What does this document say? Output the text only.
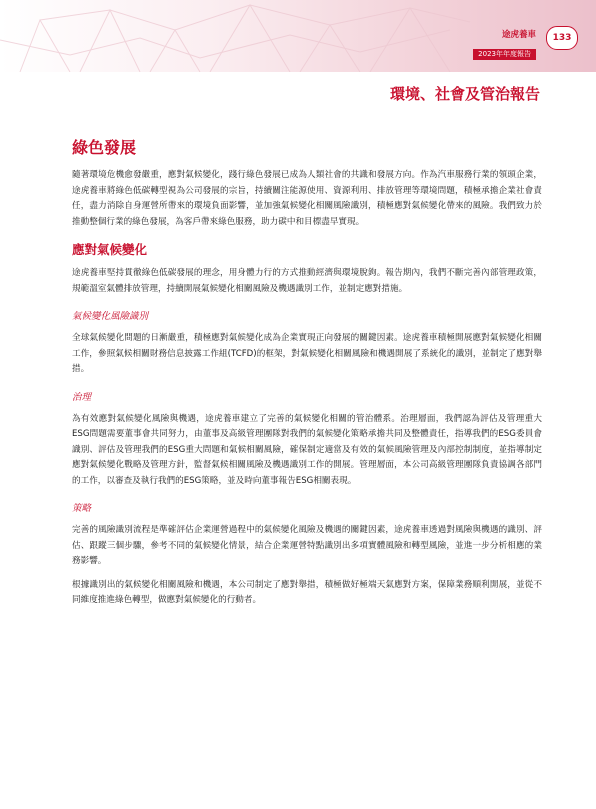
途虎養車
2023年年度報告
133
環境、社會及管治報告
綠色發展

隨著環境危機愈發嚴重，應對氣候變化，踐行綠色發展已成為人類社會的共識和發展方向。作為汽車服務行業的領頭企業，途虎養車將綠色低碳轉型視為公司發展的宗旨，持續關注能源使用、資源利用、排放管理等環境問題，積極承擔企業社會責任，盡力消除自身運營所帶來的環境負面影響，並加強氣候變化相關風險識別，積極應對氣候變化帶來的風險。我們致力於推動整個行業的綠色發展，為客戶帶來綠色服務，助力碳中和目標盡早實現。

應對氣候變化

途虎養車堅持貫徹綠色低碳發展的理念，用身體力行的方式推動經濟與環境脫鉤。報告期內，我們不斷完善內部管理政策，規範溫室氣體排放管理，持續開展氣候變化相關風險及機遇識別工作，並制定應對措施。

氣候變化風險識別

全球氣候變化問題的日漸嚴重，積極應對氣候變化成為企業實現正向發展的關鍵因素。途虎養車積極開展應對氣候變化相關工作，參照氣候相關財務信息披露工作組(TCFD)的框架，對氣候變化相關風險和機遇開展了系統化的識別，並制定了應對舉措。

治理

為有效應對氣候變化風險與機遇，途虎養車建立了完善的氣候變化相關的管治體系。治理層面，我們認為評估及管理重大ESG問題需要董事會共同努力，由董事及高級管理團隊對我們的氣候變化策略承擔共同及整體責任，指導我們的ESG委員會識別、評估及管理我們的ESG重大問題和氣候相關風險，確保制定適當及有效的氣候風險管理及內部控制制度，並指導制定應對氣候變化戰略及管理方針，監督氣候相關風險及機遇識別工作的開展。管理層面，本公司高級管理團隊負責協調各部門的工作，以審查及執行我們的ESG策略，並及時向董事報告ESG相關表現。

策略

完善的風險識別流程是準確評估企業運營過程中的氣候變化風險及機遇的關鍵因素，途虎養車透過對風險與機遇的識別、評估、跟蹤三個步驟，參考不同的氣候變化情景，結合企業運營特點識別出多項實體風險和轉型風險，並進一步分析相應的業務影響。

根據識別出的氣候變化相關風險和機遇，本公司制定了應對舉措，積極做好極端天氣應對方案，保障業務順利開展，並從不同維度推進綠色轉型，做應對氣候變化的行動者。
